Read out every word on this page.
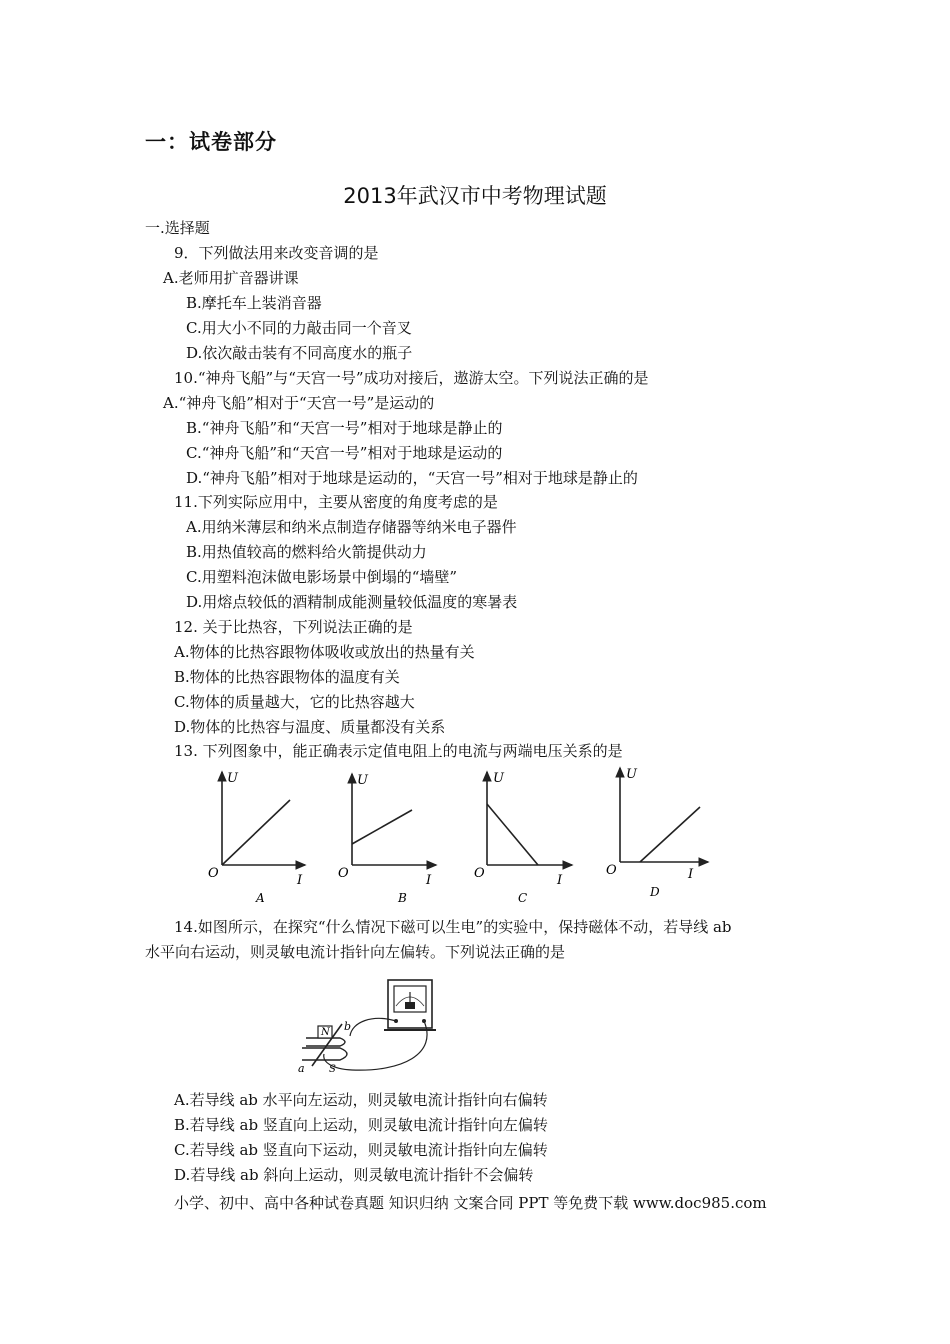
一：试卷部分
2013年武汉市中考物理试题
一.选择题
9．下列做法用来改变音调的是
A.老师用扩音器讲课
B.摩托车上装消音器
C.用大小不同的力敲击同一个音叉
D.依次敲击装有不同高度水的瓶子
10.“神舟飞船”与“天宫一号”成功对接后，遨游太空。下列说法正确的是
A.“神舟飞船”相对于“天宫一号”是运动的
B.“神舟飞船”和“天宫一号”相对于地球是静止的
C.“神舟飞船”和“天宫一号”相对于地球是运动的
D.“神舟飞船”相对于地球是运动的，“天宫一号”相对于地球是静止的
11.下列实际应用中，主要从密度的角度考虑的是
A.用纳米薄层和纳米点制造存储器等纳米电子器件
B.用热值较高的燃料给火箭提供动力
C.用塑料泡沫做电影场景中倒塌的“墙壁”
D.用熔点较低的酒精制成能测量较低温度的寒暑表
12. 关于比热容，下列说法正确的是
A.物体的比热容跟物体吸收或放出的热量有关
B.物体的比热容跟物体的温度有关
C.物体的质量越大，它的比热容越大
D.物体的比热容与温度、质量都没有关系
13. 下列图象中，能正确表示定值电阻上的电流与两端电压关系的是
U
O	I
A
U
O	I
B
U
O	I
C
U
O	I
D
14.如图所示，在探究“什么情况下磁可以生电”的实验中，保持磁体不动，若导线 ab
水平向右运动，则灵敏电流计指针向左偏转。下列说法正确的是
N
S
b
a
A.若导线 ab 水平向左运动，则灵敏电流计指针向右偏转
B.若导线 ab 竖直向上运动，则灵敏电流计指针向左偏转
C.若导线 ab 竖直向下运动，则灵敏电流计指针向左偏转
D.若导线 ab 斜向上运动，则灵敏电流计指针不会偏转
小学、初中、高中各种试卷真题 知识归纳 文案合同 PPT 等免费下载 www.doc985.com
